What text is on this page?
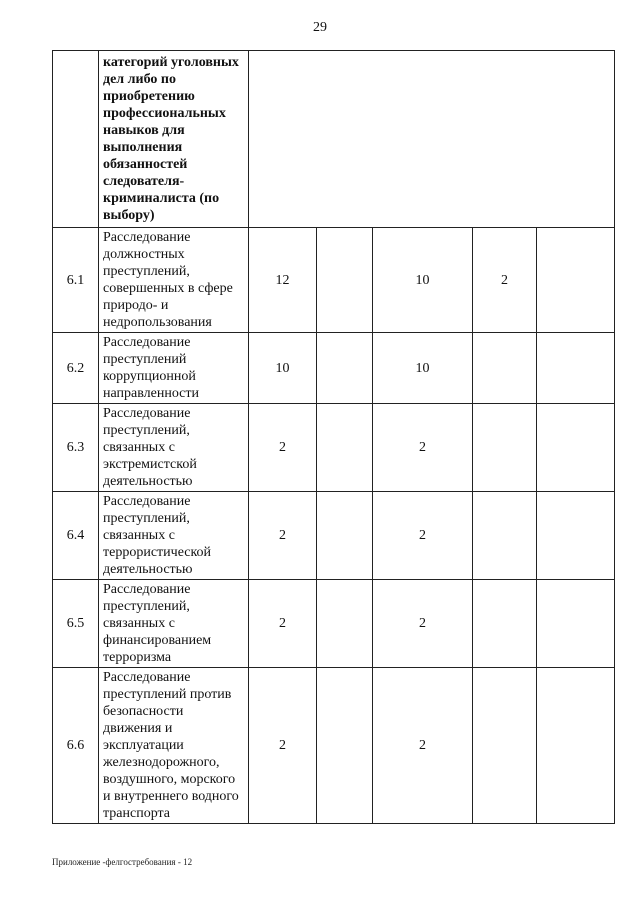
29
	категорий уголовных дел либо по приобретению профессиональных навыков для выполнения обязанностей следователя-криминалиста (по выбору)					
6.1	Расследование должностных преступлений, совершенных в сфере природо- и недропользования	12		10	2	
6.2	Расследование преступлений коррупционной направленности	10		10		
6.3	Расследование преступлений, связанных с экстремистской деятельностью	2		2		
6.4	Расследование преступлений, связанных с террористической деятельностью	2		2		
6.5	Расследование преступлений, связанных с финансированием терроризма	2		2		
6.6	Расследование преступлений против безопасности движения и эксплуатации железнодорожного, воздушного, морского и внутреннего водного транспорта	2		2		
Приложение -фелгострeбования - 12
